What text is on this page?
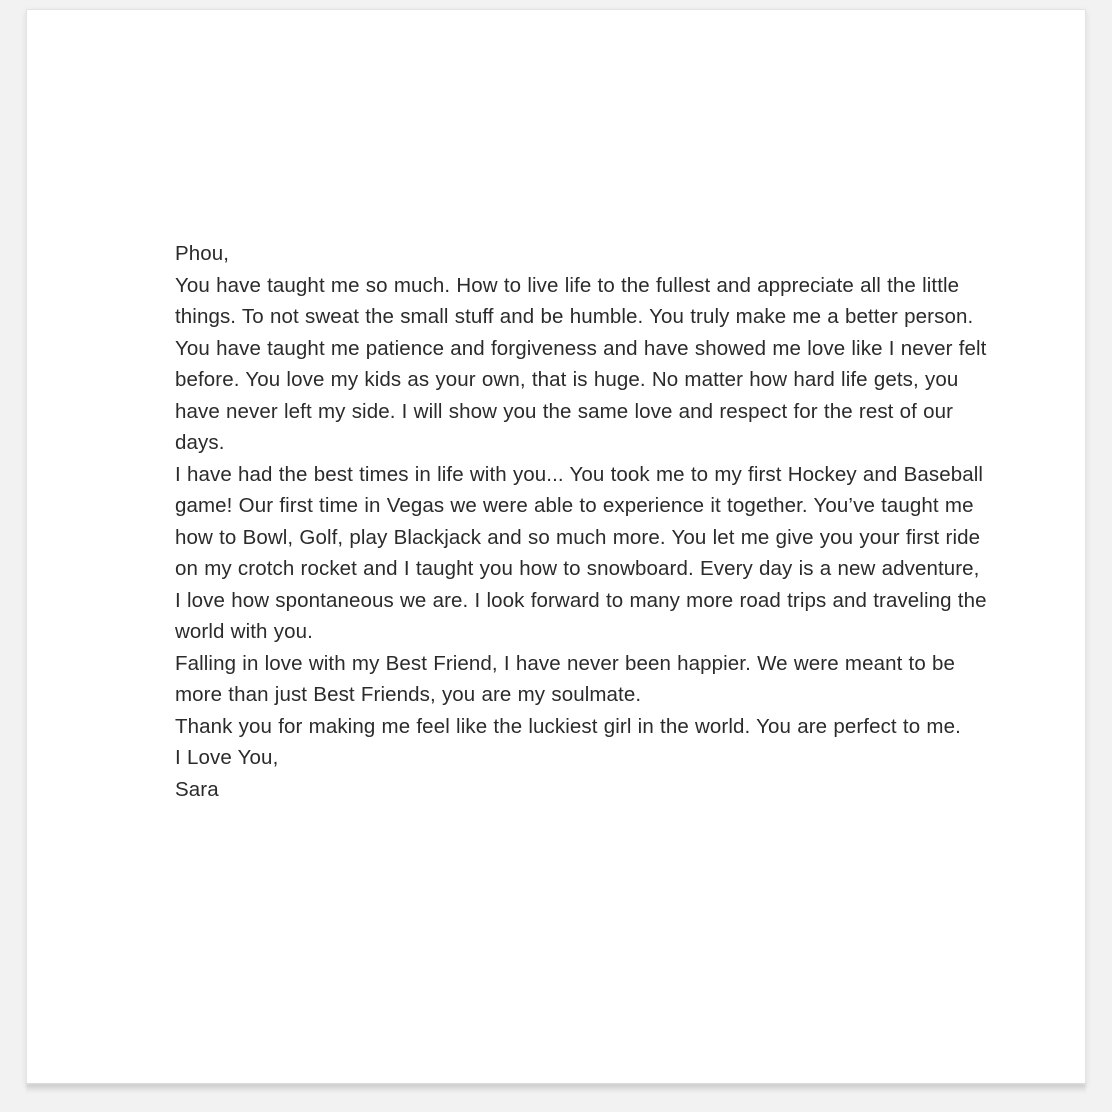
Phou,

You have taught me so much. How to live life to the fullest and appreciate all the little things. To not sweat the small stuff and be humble. You truly make me a better person. You have taught me patience and forgiveness and have showed me love like I never felt before. You love my kids as your own, that is huge. No matter how hard life gets, you have never left my side. I will show you the same love and respect for the rest of our days.

I have had the best times in life with you... You took me to my first Hockey and Baseball game! Our first time in Vegas we were able to experience it together. You’ve taught me how to Bowl, Golf, play Blackjack and so much more. You let me give you your first ride on my crotch rocket and I taught you how to snowboard. Every day is a new adventure, I love how spontaneous we are. I look forward to many more road trips and traveling the world with you.

Falling in love with my Best Friend, I have never been happier. We were meant to be more than just Best Friends, you are my soulmate.

Thank you for making me feel like the luckiest girl in the world. You are perfect to me.

I Love You,
Sara
